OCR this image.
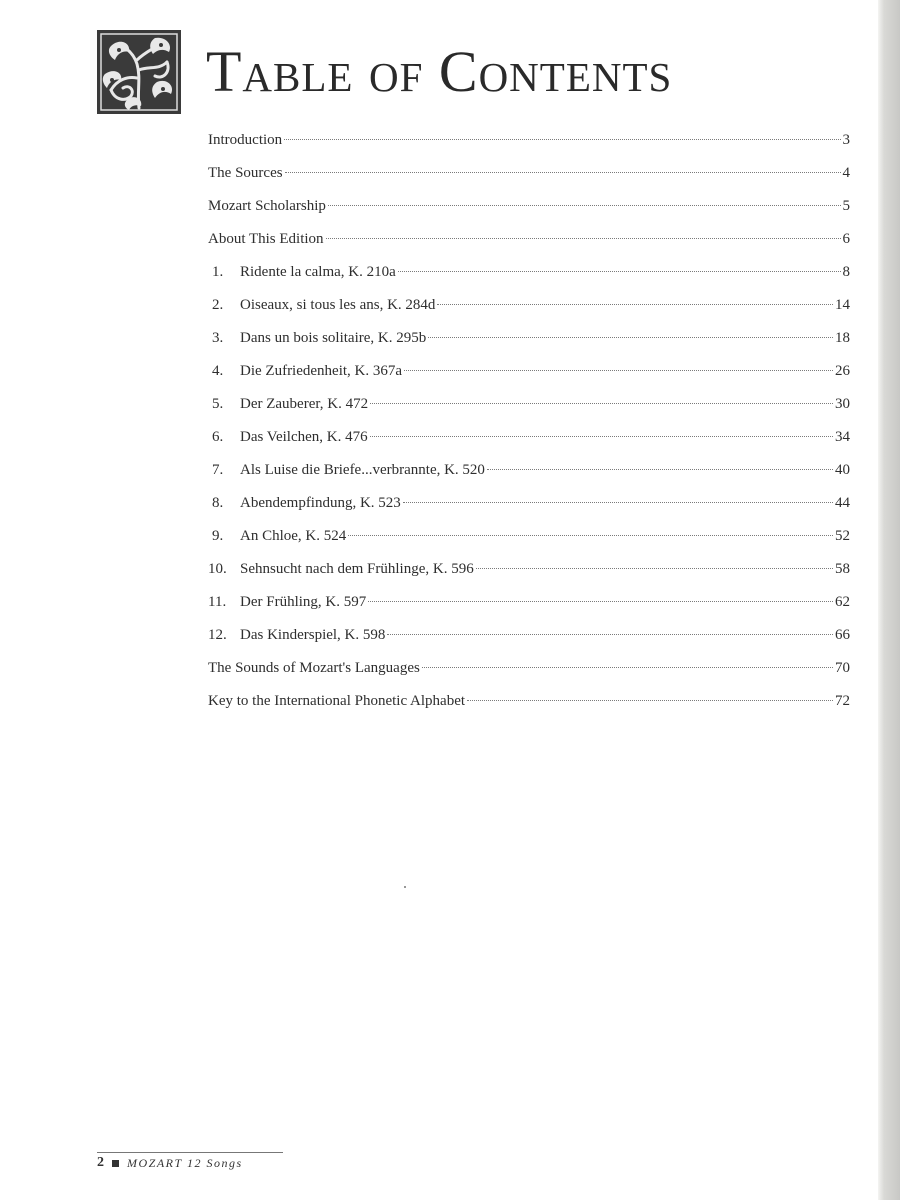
Table of Contents
Introduction	3
The Sources	4
Mozart Scholarship	5
About This Edition	6
1.	Ridente la calma, K. 210a	8
2.	Oiseaux, si tous les ans, K. 284d	14
3.	Dans un bois solitaire, K. 295b	18
4.	Die Zufriedenheit, K. 367a	26
5.	Der Zauberer, K. 472	30
6.	Das Veilchen, K. 476	34
7.	Als Luise die Briefe...verbrannte, K. 520	40
8.	Abendempfindung, K. 523	44
9.	An Chloe, K. 524	52
10. Sehnsucht nach dem Frühlinge, K. 596	58
11. Der Frühling, K. 597	62
12. Das Kinderspiel, K. 598	66
The Sounds of Mozart's Languages	70
Key to the International Phonetic Alphabet	72
2 MOZART 12 Songs
